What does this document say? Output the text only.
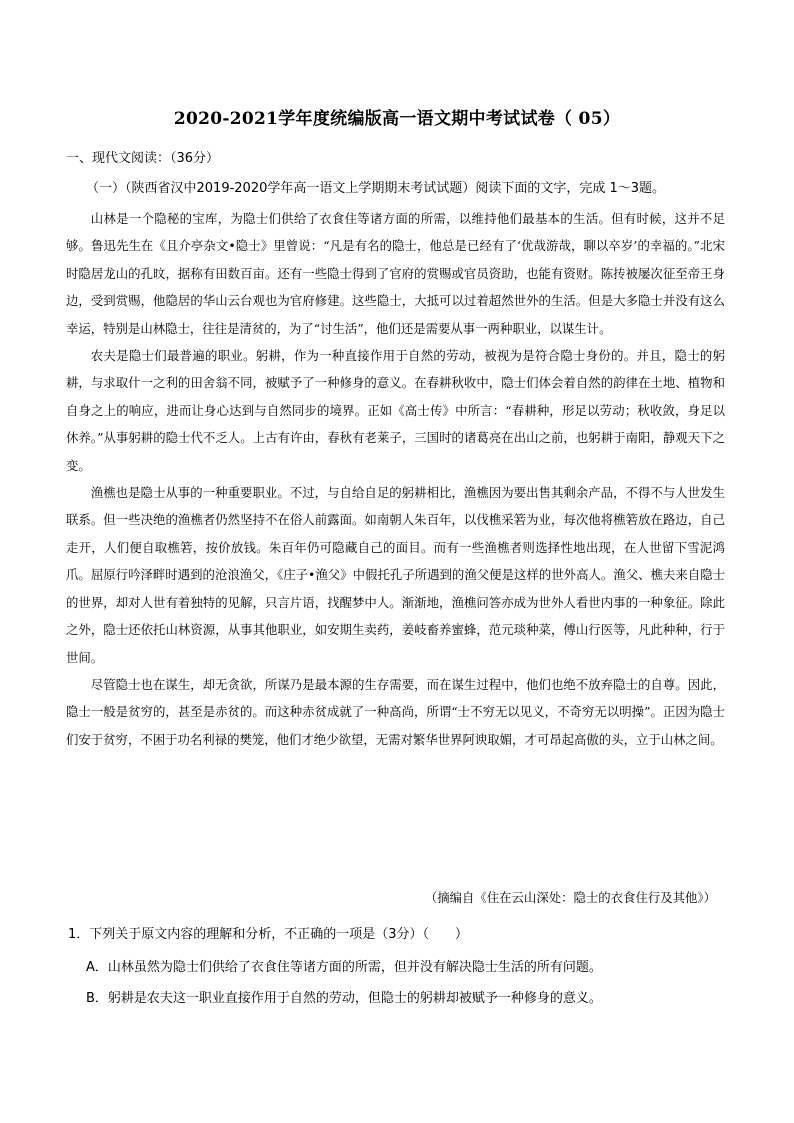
2020-2021学年度统编版高一语文期中考试试卷（ 05）
一、现代文阅读：（36分）
（一）（陕西省汉中2019-2020学年高一语文上学期期末考试试题）阅读下面的文字，完成 1～3题。

山林是一个隐秘的宝库，为隐士们供给了衣食住等诸方面的所需，以维持他们最基本的生活。但有时候，这并不足够。鲁迅先生在《且介亭杂文•隐士》里曾说：“凡是有名的隐士，他总是已经有了‘优哉游哉，聊以卒岁’的幸福的。”北宋时隐居龙山的孔旼，据称有田数百亩。还有一些隐士得到了官府的赏赐或官员资助，也能有资财。陈抟被屡次征至帝王身边，受到赏赐，他隐居的华山云台观也为官府修建。这些隐士，大抵可以过着超然世外的生活。但是大多隐士并没有这么幸运，特别是山林隐士，往往是清贫的，为了“讨生活”，他们还是需要从事一两种职业，以谋生计。

农夫是隐士们最普遍的职业。躬耕，作为一种直接作用于自然的劳动，被视为是符合隐士身份的。并且，隐士的躬耕，与求取什一之利的田舍翁不同，被赋予了一种修身的意义。在春耕秋收中，隐士们体会着自然的韵律在土地、植物和自身之上的响应，进而让身心达到与自然同步的境界。正如《高士传》中所言：“春耕种，形足以劳动；秋收敛，身足以休养。”从事躬耕的隐士代不乏人。上古有许由，春秋有老莱子，三国时的诸葛亮在出山之前，也躬耕于南阳，静观天下之变。

渔樵也是隐士从事的一种重要职业。不过，与自给自足的躬耕相比，渔樵因为要出售其剩余产品，不得不与人世发生联系。但一些决绝的渔樵者仍然坚持不在俗人前露面。如南朝人朱百年，以伐樵采箬为业，每次他将樵箬放在路边，自己走开，人们便自取樵箬，按价放钱。朱百年仍可隐藏自己的面目。而有一些渔樵者则选择性地出现，在人世留下雪泥鸿爪。屈原行吟泽畔时遇到的沧浪渔父，《庄子•渔父》中假托孔子所遇到的渔父便是这样的世外高人。渔父、樵夫来自隐士的世界，却对人世有着独特的见解，只言片语，找醒梦中人。渐渐地，渔樵问答亦成为世外人看世内事的一种象征。除此之外，隐士还依托山林资源，从事其他职业，如安期生卖药，姜岐畜养蜜蜂，范元琰种菜，傅山行医等，凡此种种，行于世间。

尽管隐士也在谋生，却无贪欲，所谋乃是最本源的生存需要，而在谋生过程中，他们也绝不放弃隐士的自尊。因此，隐士一般是贫穷的，甚至是赤贫的。而这种赤贫成就了一种高尚，所谓“士不穷无以见义，不奇穷无以明操”。正因为隐士们安于贫穷，不困于功名利禄的樊笼，他们才绝少欲望，无需对繁华世界阿谀取媚，才可昂起高傲的头，立于山林之间。

（摘编自《住在云山深处：隐士的衣食住行及其他》）
1．下列关于原文内容的理解和分析，不正确的一项是（3分）（　　）
A．山林虽然为隐士们供给了衣食住等诸方面的所需，但并没有解决隐士生活的所有问题。
B．躬耕是农夫这一职业直接作用于自然的劳动，但隐士的躬耕却被赋予一种修身的意义。
